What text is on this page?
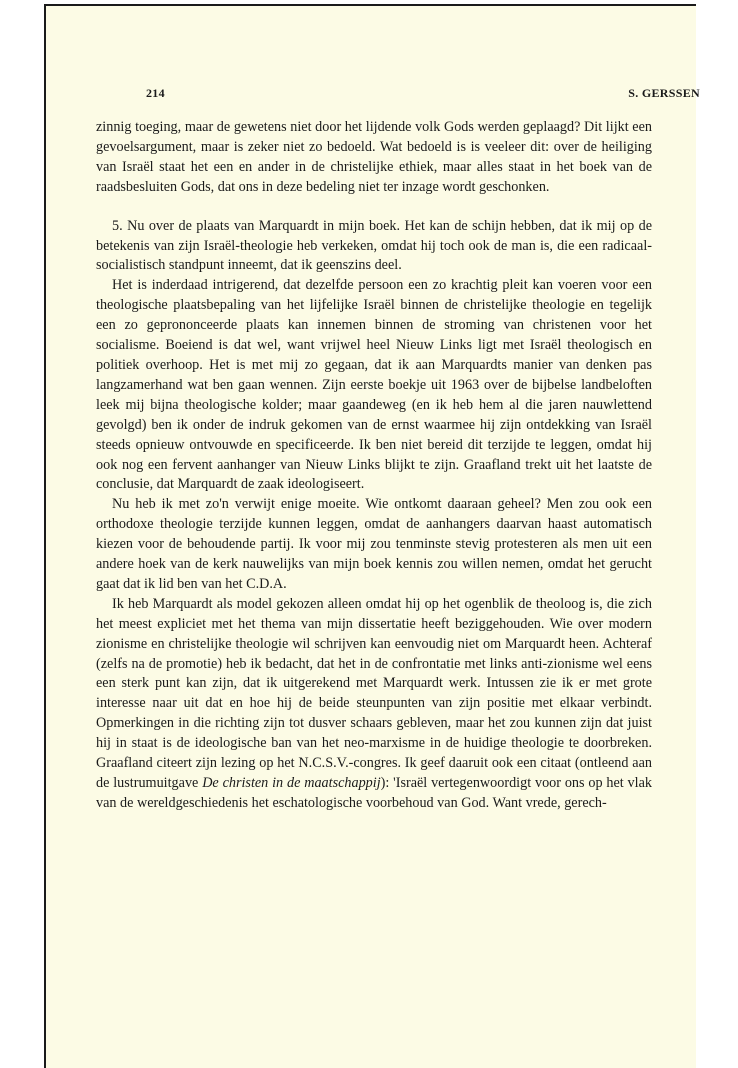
214	S. GERSSEN

zinnig toeging, maar de gewetens niet door het lijdende volk Gods werden geplaagd? Dit lijkt een gevoelsargument, maar is zeker niet zo bedoeld. Wat bedoeld is is veeleer dit: over de heiliging van Israël staat het een en ander in de christelijke ethiek, maar alles staat in het boek van de raadsbesluiten Gods, dat ons in deze bedeling niet ter inzage wordt geschonken.

5. Nu over de plaats van Marquardt in mijn boek. Het kan de schijn hebben, dat ik mij op de betekenis van zijn Israël-theologie heb verkeken, omdat hij toch ook de man is, die een radicaal-socialistisch standpunt inneemt, dat ik geenszins deel.

Het is inderdaad intrigerend, dat dezelfde persoon een zo krachtig pleit kan voeren voor een theologische plaatsbepaling van het lijfelijke Israël binnen de christelijke theologie en tegelijk een zo geprononceerde plaats kan innemen binnen de stroming van christenen voor het socialisme. Boeiend is dat wel, want vrijwel heel Nieuw Links ligt met Israël theologisch en politiek overhoop. Het is met mij zo gegaan, dat ik aan Marquardts manier van denken pas langzamerhand wat ben gaan wennen. Zijn eerste boekje uit 1963 over de bijbelse landbeloften leek mij bijna theologische kolder; maar gaandeweg (en ik heb hem al die jaren nauwlettend gevolgd) ben ik onder de indruk gekomen van de ernst waarmee hij zijn ontdekking van Israël steeds opnieuw ontvouwde en specificeerde. Ik ben niet bereid dit terzijde te leggen, omdat hij ook nog een fervent aanhanger van Nieuw Links blijkt te zijn. Graafland trekt uit het laatste de conclusie, dat Marquardt de zaak ideologiseert.

Nu heb ik met zo'n verwijt enige moeite. Wie ontkomt daaraan geheel? Men zou ook een orthodoxe theologie terzijde kunnen leggen, omdat de aanhangers daarvan haast automatisch kiezen voor de behoudende partij. Ik voor mij zou tenminste stevig protesteren als men uit een andere hoek van de kerk nauwelijks van mijn boek kennis zou willen nemen, omdat het gerucht gaat dat ik lid ben van het C.D.A.

Ik heb Marquardt als model gekozen alleen omdat hij op het ogenblik de theoloog is, die zich het meest expliciet met het thema van mijn dissertatie heeft beziggehouden. Wie over modern zionisme en christelijke theologie wil schrijven kan eenvoudig niet om Marquardt heen. Achteraf (zelfs na de promotie) heb ik bedacht, dat het in de confrontatie met links anti-zionisme wel eens een sterk punt kan zijn, dat ik uitgerekend met Marquardt werk. Intussen zie ik er met grote interesse naar uit dat en hoe hij de beide steunpunten van zijn positie met elkaar verbindt. Opmerkingen in die richting zijn tot dusver schaars gebleven, maar het zou kunnen zijn dat juist hij in staat is de ideologische ban van het neo-marxisme in de huidige theologie te doorbreken. Graafland citeert zijn lezing op het N.C.S.V.-congres. Ik geef daaruit ook een citaat (ontleend aan de lustrumuitgave De christen in de maatschappij): 'Israël vertegenwoordigt voor ons op het vlak van de wereldgeschiedenis het eschatologische voorbehoud van God. Want vrede, gerech-
